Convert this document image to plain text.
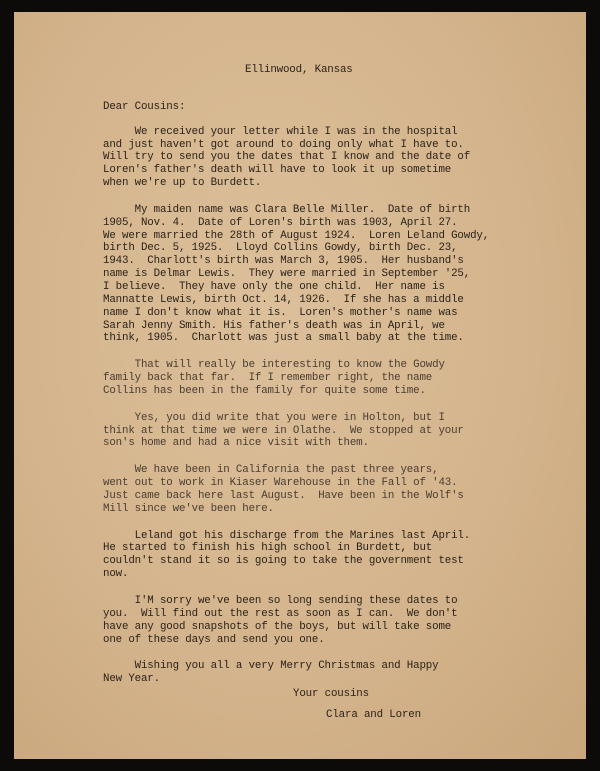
Ellinwood, Kansas
Dear Cousins:
We received your letter while I was in the hospital
and just haven't got around to doing only what I have to.
Will try to send you the dates that I know and the date of
Loren's father's death will have to look it up sometime
when we're up to Burdett.
My maiden name was Clara Belle Miller.  Date of birth
1905, Nov. 4.  Date of Loren's birth was 1903, April 27.
We were married the 28th of August 1924.  Loren Leland Gowdy,
birth Dec. 5, 1925.  Lloyd Collins Gowdy, birth Dec. 23,
1943.  Charlott's birth was March 3, 1905.  Her husband's
name is Delmar Lewis.  They were married in September '25,
I believe.  They have only the one child.  Her name is
Mannatte Lewis, birth Oct. 14, 1926.  If she has a middle
name I don't know what it is.  Loren's mother's name was
Sarah Jenny Smith. His father's death was in April, we
think, 1905.  Charlott was just a small baby at the time.
That will really be interesting to know the Gowdy
family back that far.  If I remember right, the name
Collins has been in the family for quite some time.
Yes, you did write that you were in Holton, but I
think at that time we were in Olathe.  We stopped at your
son's home and had a nice visit with them.
We have been in California the past three years,
went out to work in Kiaser Warehouse in the Fall of '43.
Just came back here last August.  Have been in the Wolf's
Mill since we've been here.
Leland got his discharge from the Marines last April.
He started to finish his high school in Burdett, but
couldn't stand it so is going to take the government test
now.
I'M sorry we've been so long sending these dates to
you.  Will find out the rest as soon as I can.  We don't
have any good snapshots of the boys, but will take some
one of these days and send you one.
Wishing you all a very Merry Christmas and Happy
New Year.
Your cousins
Clara and Loren
